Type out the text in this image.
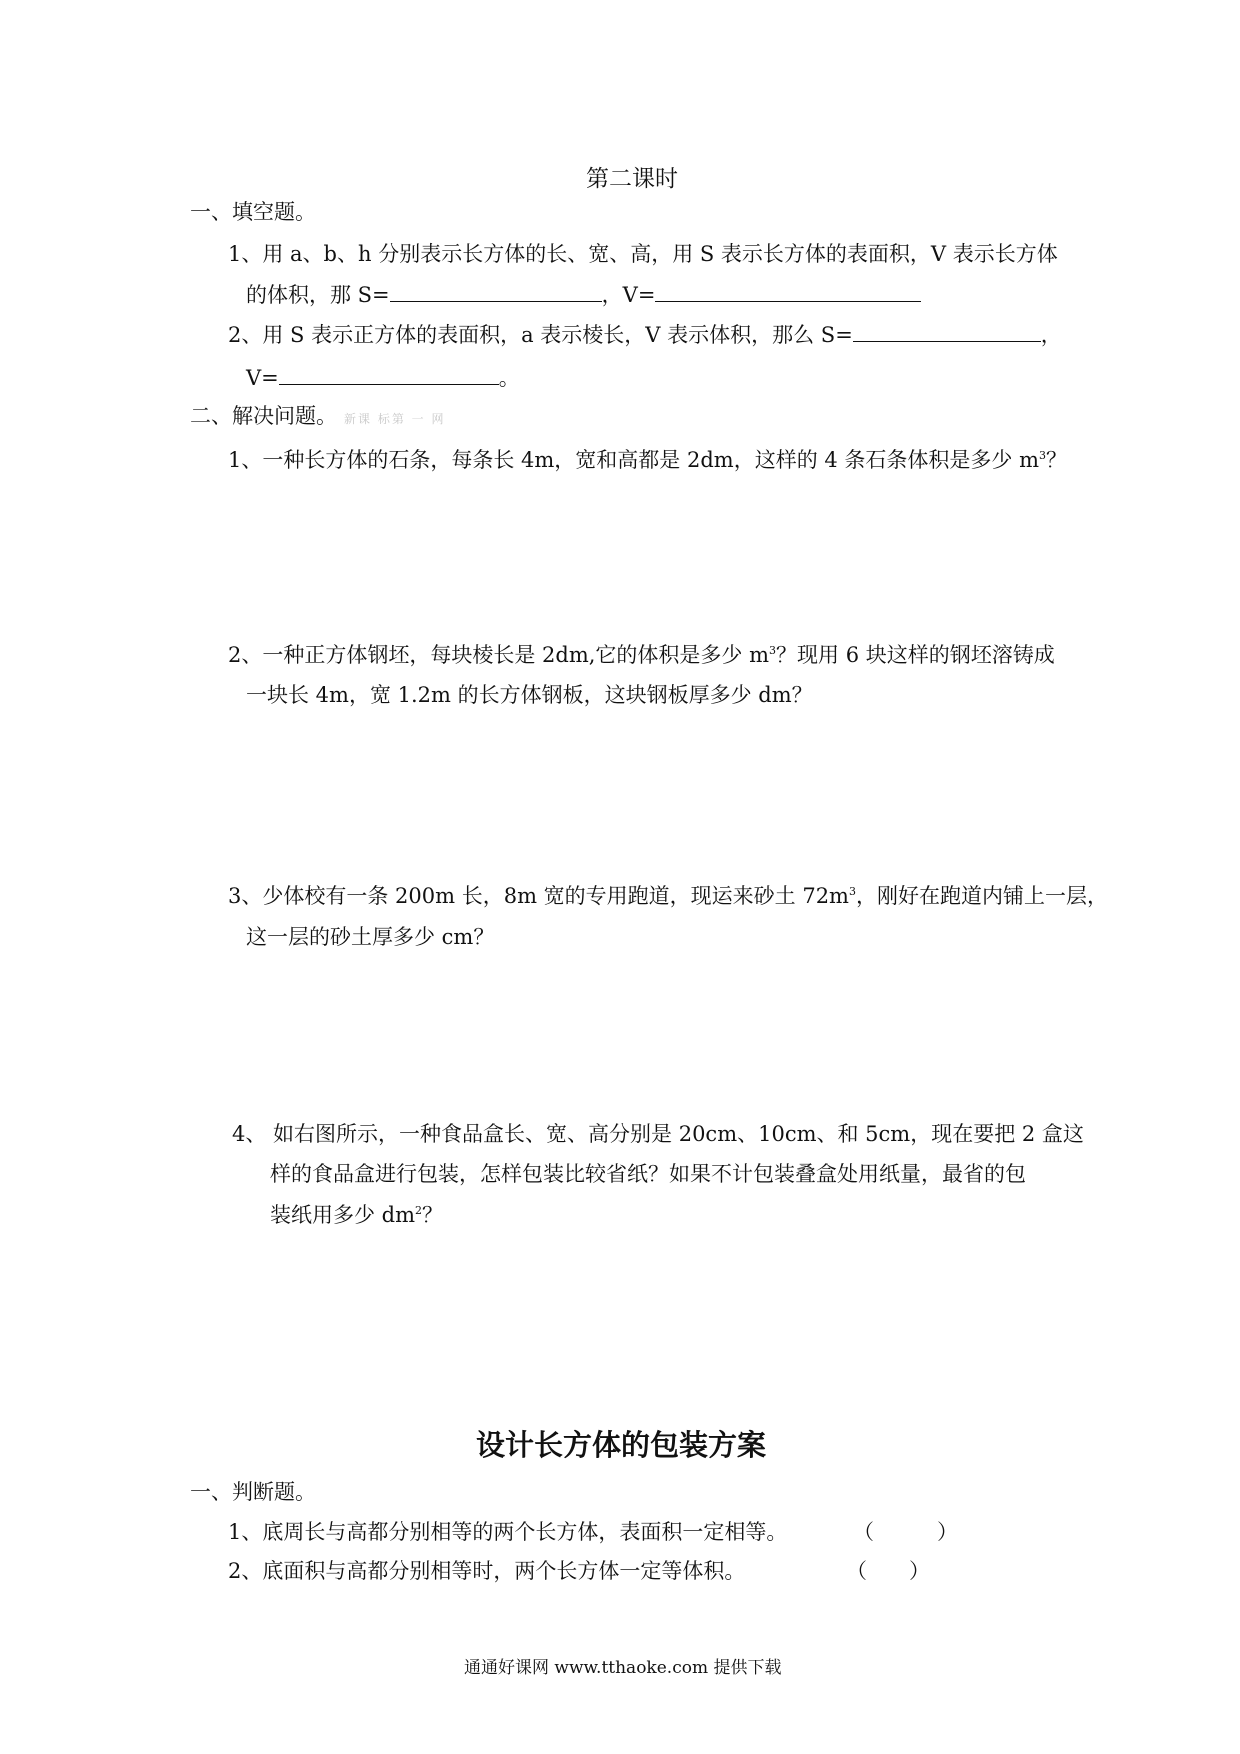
第二课时
一、填空题。
1、用 a、b、h 分别表示长方体的长、宽、高，用 S 表示长方体的表面积，V 表示长方体
的体积，那 S=	，V=
2、用 S 表示正方体的表面积，a 表示棱长，V 表示体积，那么 S=	，
V=	。
二、解决问题。 新课 标第 一 网
1、一种长方体的石条，每条长 4m，宽和高都是 2dm，这样的 4 条石条体积是多少 $m^3$？
2、一种正方体钢坯，每块棱长是 2dm,它的体积是多少 $m^3$？现用 6 块这样的钢坯溶铸成
一块长 4m，宽 1.2m 的长方体钢板，这块钢板厚多少 dm？
3、少体校有一条 200m 长，8m 宽的专用跑道，现运来砂土 $72m^3$，刚好在跑道内铺上一层，
这一层的砂土厚多少 cm？
4、 如右图所示，一种食品盒长、宽、高分别是 20cm、10cm、和 5cm，现在要把 2 盒这
样的食品盒进行包装，怎样包装比较省纸？如果不计包装叠盒处用纸量，最省的包
装纸用多少 $dm^2$？
设计长方体的包装方案
一、判断题。
1、底周长与高都分别相等的两个长方体，表面积一定相等。	（　　　）
2、底面积与高都分别相等时，两个长方体一定等体积。	（　　）
通通好课网 www.tthaoke.com 提供下载
